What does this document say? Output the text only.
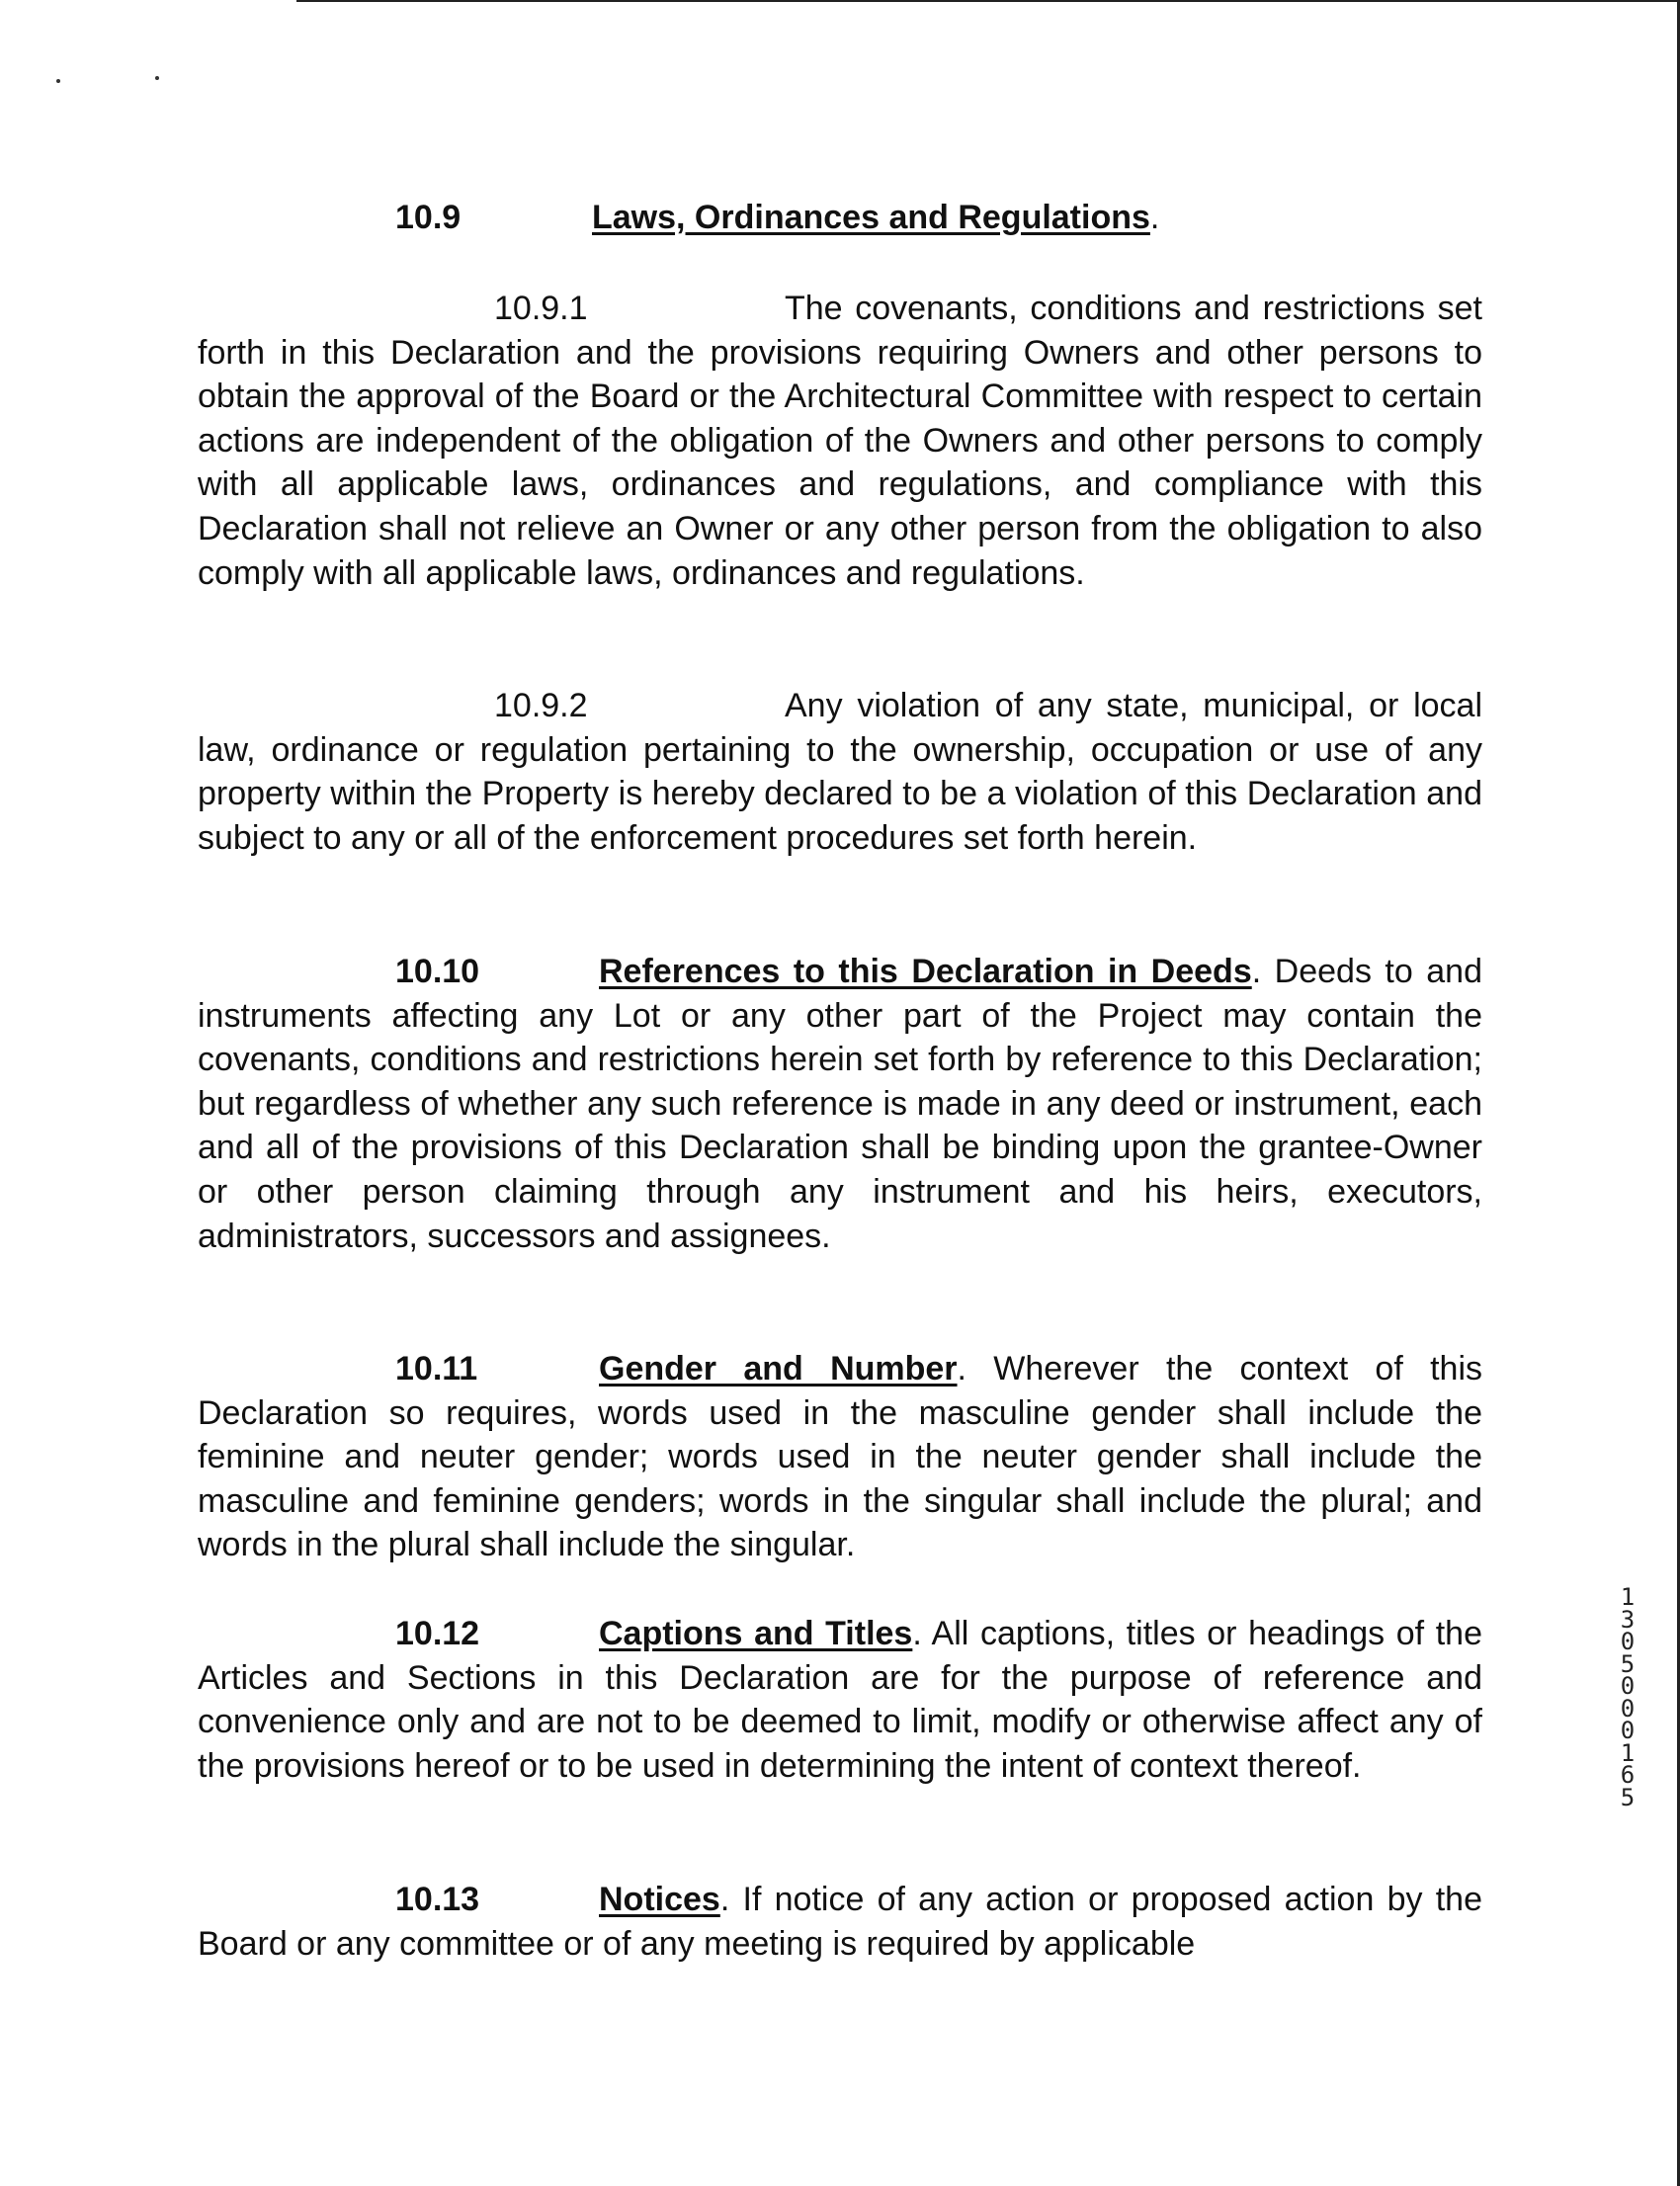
10.9	Laws, Ordinances and Regulations.
10.9.1	The covenants, conditions and restrictions set forth in this Declaration and the provisions requiring Owners and other persons to obtain the approval of the Board or the Architectural Committee with respect to certain actions are independent of the obligation of the Owners and other persons to comply with all applicable laws, ordinances and regulations, and compliance with this Declaration shall not relieve an Owner or any other person from the obligation to also comply with all applicable laws, ordinances and regulations.
10.9.2	Any violation of any state, municipal, or local law, ordinance or regulation pertaining to the ownership, occupation or use of any property within the Property is hereby declared to be a violation of this Declaration and subject to any or all of the enforcement procedures set forth herein.
10.10	References to this Declaration in Deeds. Deeds to and instruments affecting any Lot or any other part of the Project may contain the covenants, conditions and restrictions herein set forth by reference to this Declaration; but regardless of whether any such reference is made in any deed or instrument, each and all of the provisions of this Declaration shall be binding upon the grantee-Owner or other person claiming through any instrument and his heirs, executors, administrators, successors and assignees.
10.11	Gender and Number. Wherever the context of this Declaration so requires, words used in the masculine gender shall include the feminine and neuter gender; words used in the neuter gender shall include the masculine and feminine genders; words in the singular shall include the plural; and words in the plural shall include the singular.
10.12	Captions and Titles. All captions, titles or headings of the Articles and Sections in this Declaration are for the purpose of reference and convenience only and are not to be deemed to limit, modify or otherwise affect any of the provisions hereof or to be used in determining the intent of context thereof.
10.13	Notices. If notice of any action or proposed action by the Board or any committee or of any meeting is required by applicable
13050 00165
